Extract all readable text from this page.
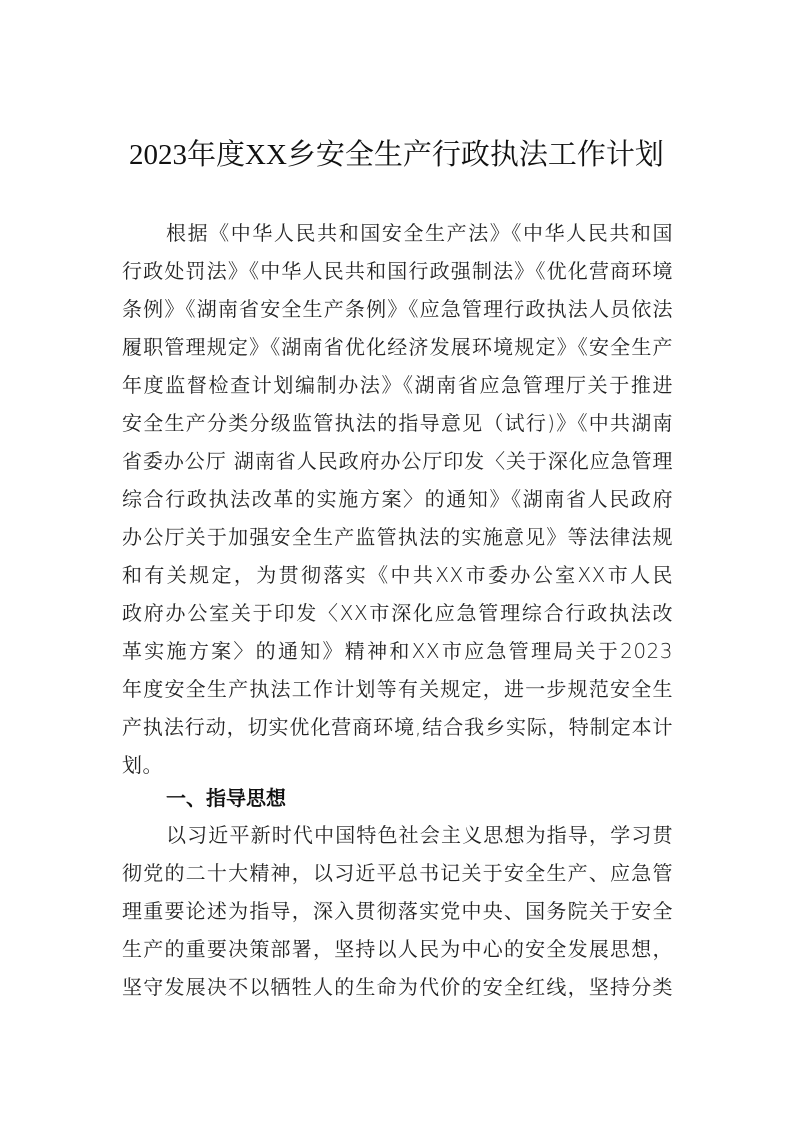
2023年度XX乡安全生产行政执法工作计划
根据《中华人民共和国安全生产法》《中华人民共和国
行政处罚法》《中华人民共和国行政强制法》《优化营商环境
条例》《湖南省安全生产条例》《应急管理行政执法人员依法
履职管理规定》《湖南省优化经济发展环境规定》《安全生产
年度监督检查计划编制办法》《湖南省应急管理厅关于推进
安全生产分类分级监管执法的指导意见（试行)》《中共湖南
省委办公厅 湖南省人民政府办公厅印发〈关于深化应急管理
综合行政执法改革的实施方案〉的通知》《湖南省人民政府
办公厅关于加强安全生产监管执法的实施意见》等法律法规
和有关规定，为贯彻落实《中共XX市委办公室XX市人民
政府办公室关于印发〈XX市深化应急管理综合行政执法改
革实施方案〉的通知》精神和XX市应急管理局关于2023
年度安全生产执法工作计划等有关规定，进一步规范安全生
产执法行动，切实优化营商环境,结合我乡实际，特制定本计
划。
一、指导思想
以习近平新时代中国特色社会主义思想为指导，学习贯
彻党的二十大精神，以习近平总书记关于安全生产、应急管
理重要论述为指导，深入贯彻落实党中央、国务院关于安全
生产的重要决策部署，坚持以人民为中心的安全发展思想，
坚守发展决不以牺牲人的生命为代价的安全红线，坚持分类
